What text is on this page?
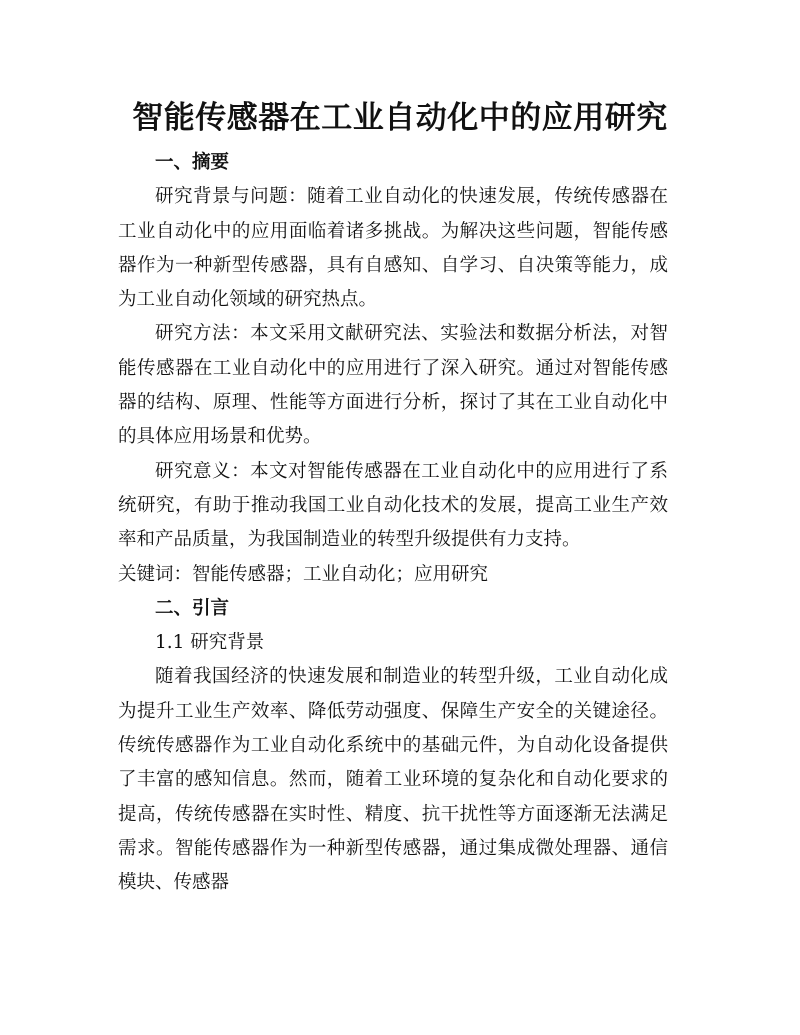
智能传感器在工业自动化中的应用研究

一、摘要

研究背景与问题：随着工业自动化的快速发展，传统传感器在工业自动化中的应用面临着诸多挑战。为解决这些问题，智能传感器作为一种新型传感器，具有自感知、自学习、自决策等能力，成为工业自动化领域的研究热点。

研究方法：本文采用文献研究法、实验法和数据分析法，对智能传感器在工业自动化中的应用进行了深入研究。通过对智能传感器的结构、原理、性能等方面进行分析，探讨了其在工业自动化中的具体应用场景和优势。

研究意义：本文对智能传感器在工业自动化中的应用进行了系统研究，有助于推动我国工业自动化技术的发展，提高工业生产效率和产品质量，为我国制造业的转型升级提供有力支持。

关键词：智能传感器；工业自动化；应用研究

二、引言

1.1 研究背景

随着我国经济的快速发展和制造业的转型升级，工业自动化成为提升工业生产效率、降低劳动强度、保障生产安全的关键途径。传统传感器作为工业自动化系统中的基础元件，为自动化设备提供了丰富的感知信息。然而，随着工业环境的复杂化和自动化要求的提高，传统传感器在实时性、精度、抗干扰性等方面逐渐无法满足需求。智能传感器作为一种新型传感器，通过集成微处理器、通信模块、传感器
